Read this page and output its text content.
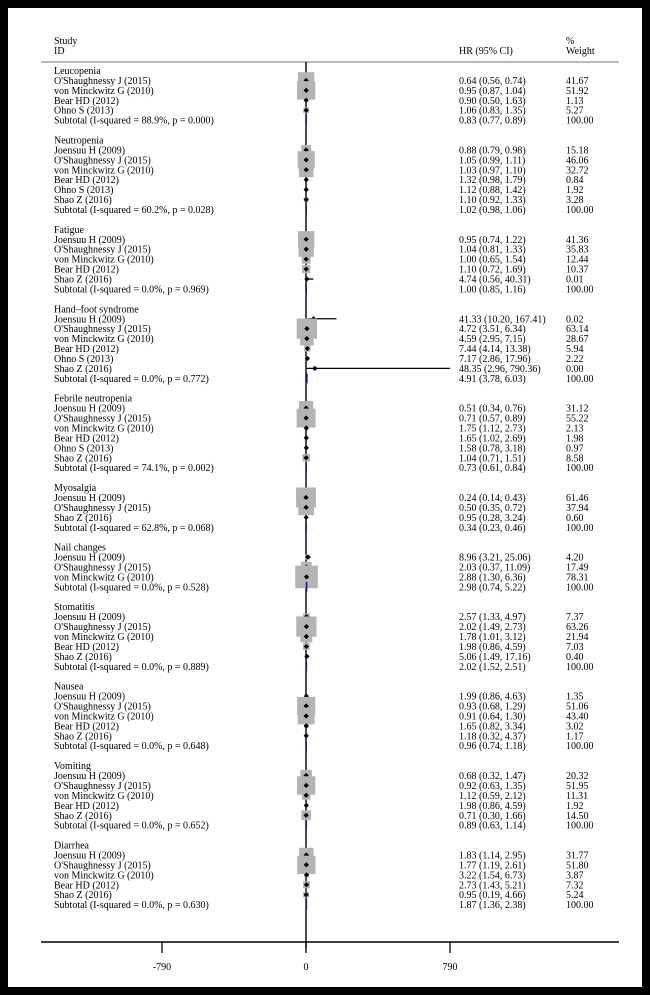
Study
ID	HR (95% CI)
%
Weight
Leucopenia
O'Shaughnessy J (2015)	0.64 (0.56, 0.74)	41.67
von Minckwitz G (2010)	0.95 (0.87, 1.04)	51.92
Bear HD (2012)	0.90 (0.50, 1.63)	1.13
Ohno S (2013)	1.06 (0.83, 1.35)	5.27
Subtotal (I-squared = 88.9%, p = 0.000)	0.83 (0.77, 0.89)	100.00
Neutropenia
Joensuu H (2009)	0.88 (0.79, 0.98)	15.18
O'Shaughnessy J (2015)	1.05 (0.99, 1.11)	46.06
von Minckwitz G (2010)	1.03 (0.97, 1.10)	32.72
Bear HD (2012)	1.32 (0.98, 1.79)	0.84
Ohno S (2013)	1.12 (0.88, 1.42)	1.92
Shao Z (2016)	1.10 (0.92, 1.33)	3.28
Subtotal (I-squared = 60.2%, p = 0.028)	1.02 (0.98, 1.06)	100.00
Fatigue
Joensuu H (2009)	0.95 (0.74, 1.22)	41.36
O'Shaughnessy J (2015)	1.04 (0.81, 1.33)	35.83
von Minckwitz G (2010)	1.00 (0.65, 1.54)	12.44
Bear HD (2012)	1.10 (0.72, 1.69)	10.37
Shao Z (2016)	4.74 (0.56, 40.31)	0.01
Subtotal (I-squared = 0.0%, p = 0.969)	1.00 (0.85, 1.16)	100.00
Hand–foot syndrome
Joensuu H (2009)	41.33 (10.20, 167.41) 0.02
O'Shaughnessy J (2015)	4.72 (3.51, 6.34)	63.14
von Minckwitz G (2010)	4.59 (2.95, 7.15)	28.67
Bear HD (2012)	7.44 (4.14, 13.38)	5.94
Ohno S (2013)	7.17 (2.86, 17.96)	2.22
Shao Z (2016)	48.35 (2.96, 790.36)	0.00
Subtotal (I-squared = 0.0%, p = 0.772)	4.91 (3.78, 6.03)	100.00
Febrile neutropenia
Joensuu H (2009)	0.51 (0.34, 0.76)	31.12
O'Shaughnessy J (2015)	0.71 (0.57, 0.89)	55.22
von Minckwitz G (2010)	1.75 (1.12, 2.73)	2.13
Bear HD (2012)	1.65 (1.02, 2.69)	1.98
Ohno S (2013)	1.58 (0.78, 3.18)	0.97
Shao Z (2016)	1.04 (0.71, 1.51)	8.58
Subtotal (I-squared = 74.1%, p = 0.002)	0.73 (0.61, 0.84)	100.00
Myosalgia
Joensuu H (2009)	0.24 (0.14, 0.43)	61.46
O'Shaughnessy J (2015)	0.50 (0.35, 0.72)	37.94
Shao Z (2016)	0.95 (0.28, 3.24)	0.60
Subtotal (I-squared = 62.8%, p = 0.068)	0.34 (0.23, 0.46)	100.00
Nail changes
Joensuu H (2009)	8.96 (3.21, 25.06)	4.20
O'Shaughnessy J (2015)	2.03 (0.37, 11.09)	17.49
von Minckwitz G (2010)	2.88 (1.30, 6.36)	78.31
Subtotal (I-squared = 0.0%, p = 0.528)	2.98 (0.74, 5.22)	100.00
Stomatitis
Joensuu H (2009)	2.57 (1.33, 4.97)	7.37
O'Shaughnessy J (2015)	2.02 (1.49, 2.73)	63.26
von Minckwitz G (2010)	1.78 (1.01, 3.12)	21.94
Bear HD (2012)	1.98 (0.86, 4.59)	7.03
Shao Z (2016)	5.06 (1.49, 17.16)	0.40
Subtotal (I-squared = 0.0%, p = 0.889)	2.02 (1.52, 2.51)	100.00
Nausea
Joensuu H (2009)	1.99 (0.86, 4.63)	1.35
O'Shaughnessy J (2015)	0.93 (0.68, 1.29)	51.06
von Minckwitz G (2010)	0.91 (0.64, 1.30)	43.40
Bear HD (2012)	1.65 (0.82, 3.34)	3.02
Shao Z (2016)	1.18 (0.32, 4.37)	1.17
Subtotal (I-squared = 0.0%, p = 0.648)	0.96 (0.74, 1.18)	100.00
Vomiting
Joensuu H (2009)	0.68 (0.32, 1.47)	20.32
O'Shaughnessy J (2015)	0.92 (0.63, 1.35)	51.95
von Minckwitz G (2010)	1.12 (0.59, 2.12)	11.31
Bear HD (2012)	1.98 (0.86, 4.59)	1.92
Shao Z (2016)	0.71 (0.30, 1.66)	14.50
Subtotal (I-squared = 0.0%, p = 0.652)	0.89 (0.63, 1.14)	100.00
Diarrhea
Joensuu H (2009)	1.83 (1.14, 2.95)	31.77
O'Shaughnessy J (2015)	1.77 (1.19, 2.61)	51.80
von Minckwitz G (2010)	3.22 (1.54, 6.73)	3.87
Bear HD (2012)	2.73 (1.43, 5.21)	7.32
Shao Z (2016)	0.95 (0.19, 4.66)	5.24
Subtotal (I-squared = 0.0%, p = 0.630)	1.87 (1.36, 2.38)	100.00
-790	0	790
